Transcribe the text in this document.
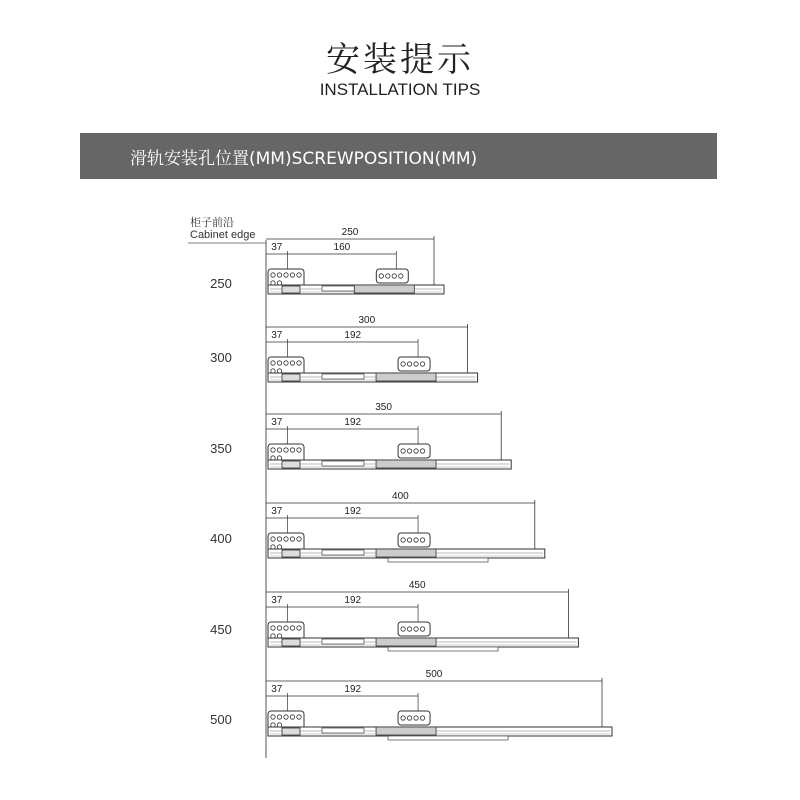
安装提示
INSTALLATION TIPS
滑轨安装孔位置(MM)SCREWPOSITION(MM)
柜子前沿
Cabinet edge
250
300
350
400
450
500
250
37	160
300
37	192
350
37	192
400
37	192
450
37	192
500
37	192
